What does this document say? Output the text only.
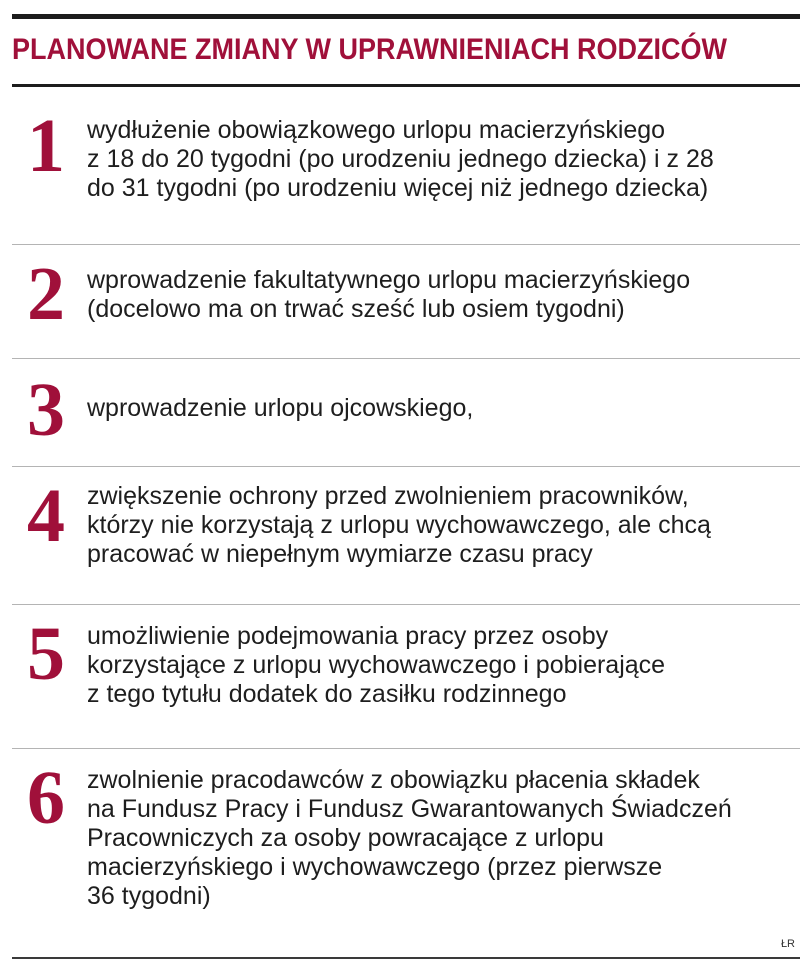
PLANOWANE ZMIANY W UPRAWNIENIACH RODZICÓW
1 wydłużenie obowiązkowego urlopu macierzyńskiego
z 18 do 20 tygodni (po urodzeniu jednego dziecka) i z 28
do 31 tygodni (po urodzeniu więcej niż jednego dziecka)
2 wprowadzenie fakultatywnego urlopu macierzyńskiego
(docelowo ma on trwać sześć lub osiem tygodni)
3 wprowadzenie urlopu ojcowskiego,
4 zwiększenie ochrony przed zwolnieniem pracowników,
którzy nie korzystają z urlopu wychowawczego, ale chcą
pracować w niepełnym wymiarze czasu pracy
5 umożliwienie podejmowania pracy przez osoby
korzystające z urlopu wychowawczego i pobierające
z tego tytułu dodatek do zasiłku rodzinnego
6 zwolnienie pracodawców z obowiązku płacenia składek
na Fundusz Pracy i Fundusz Gwarantowanych Świadczeń
Pracowniczych za osoby powracające z urlopu
macierzyńskiego i wychowawczego (przez pierwsze
36 tygodni)
ŁR
